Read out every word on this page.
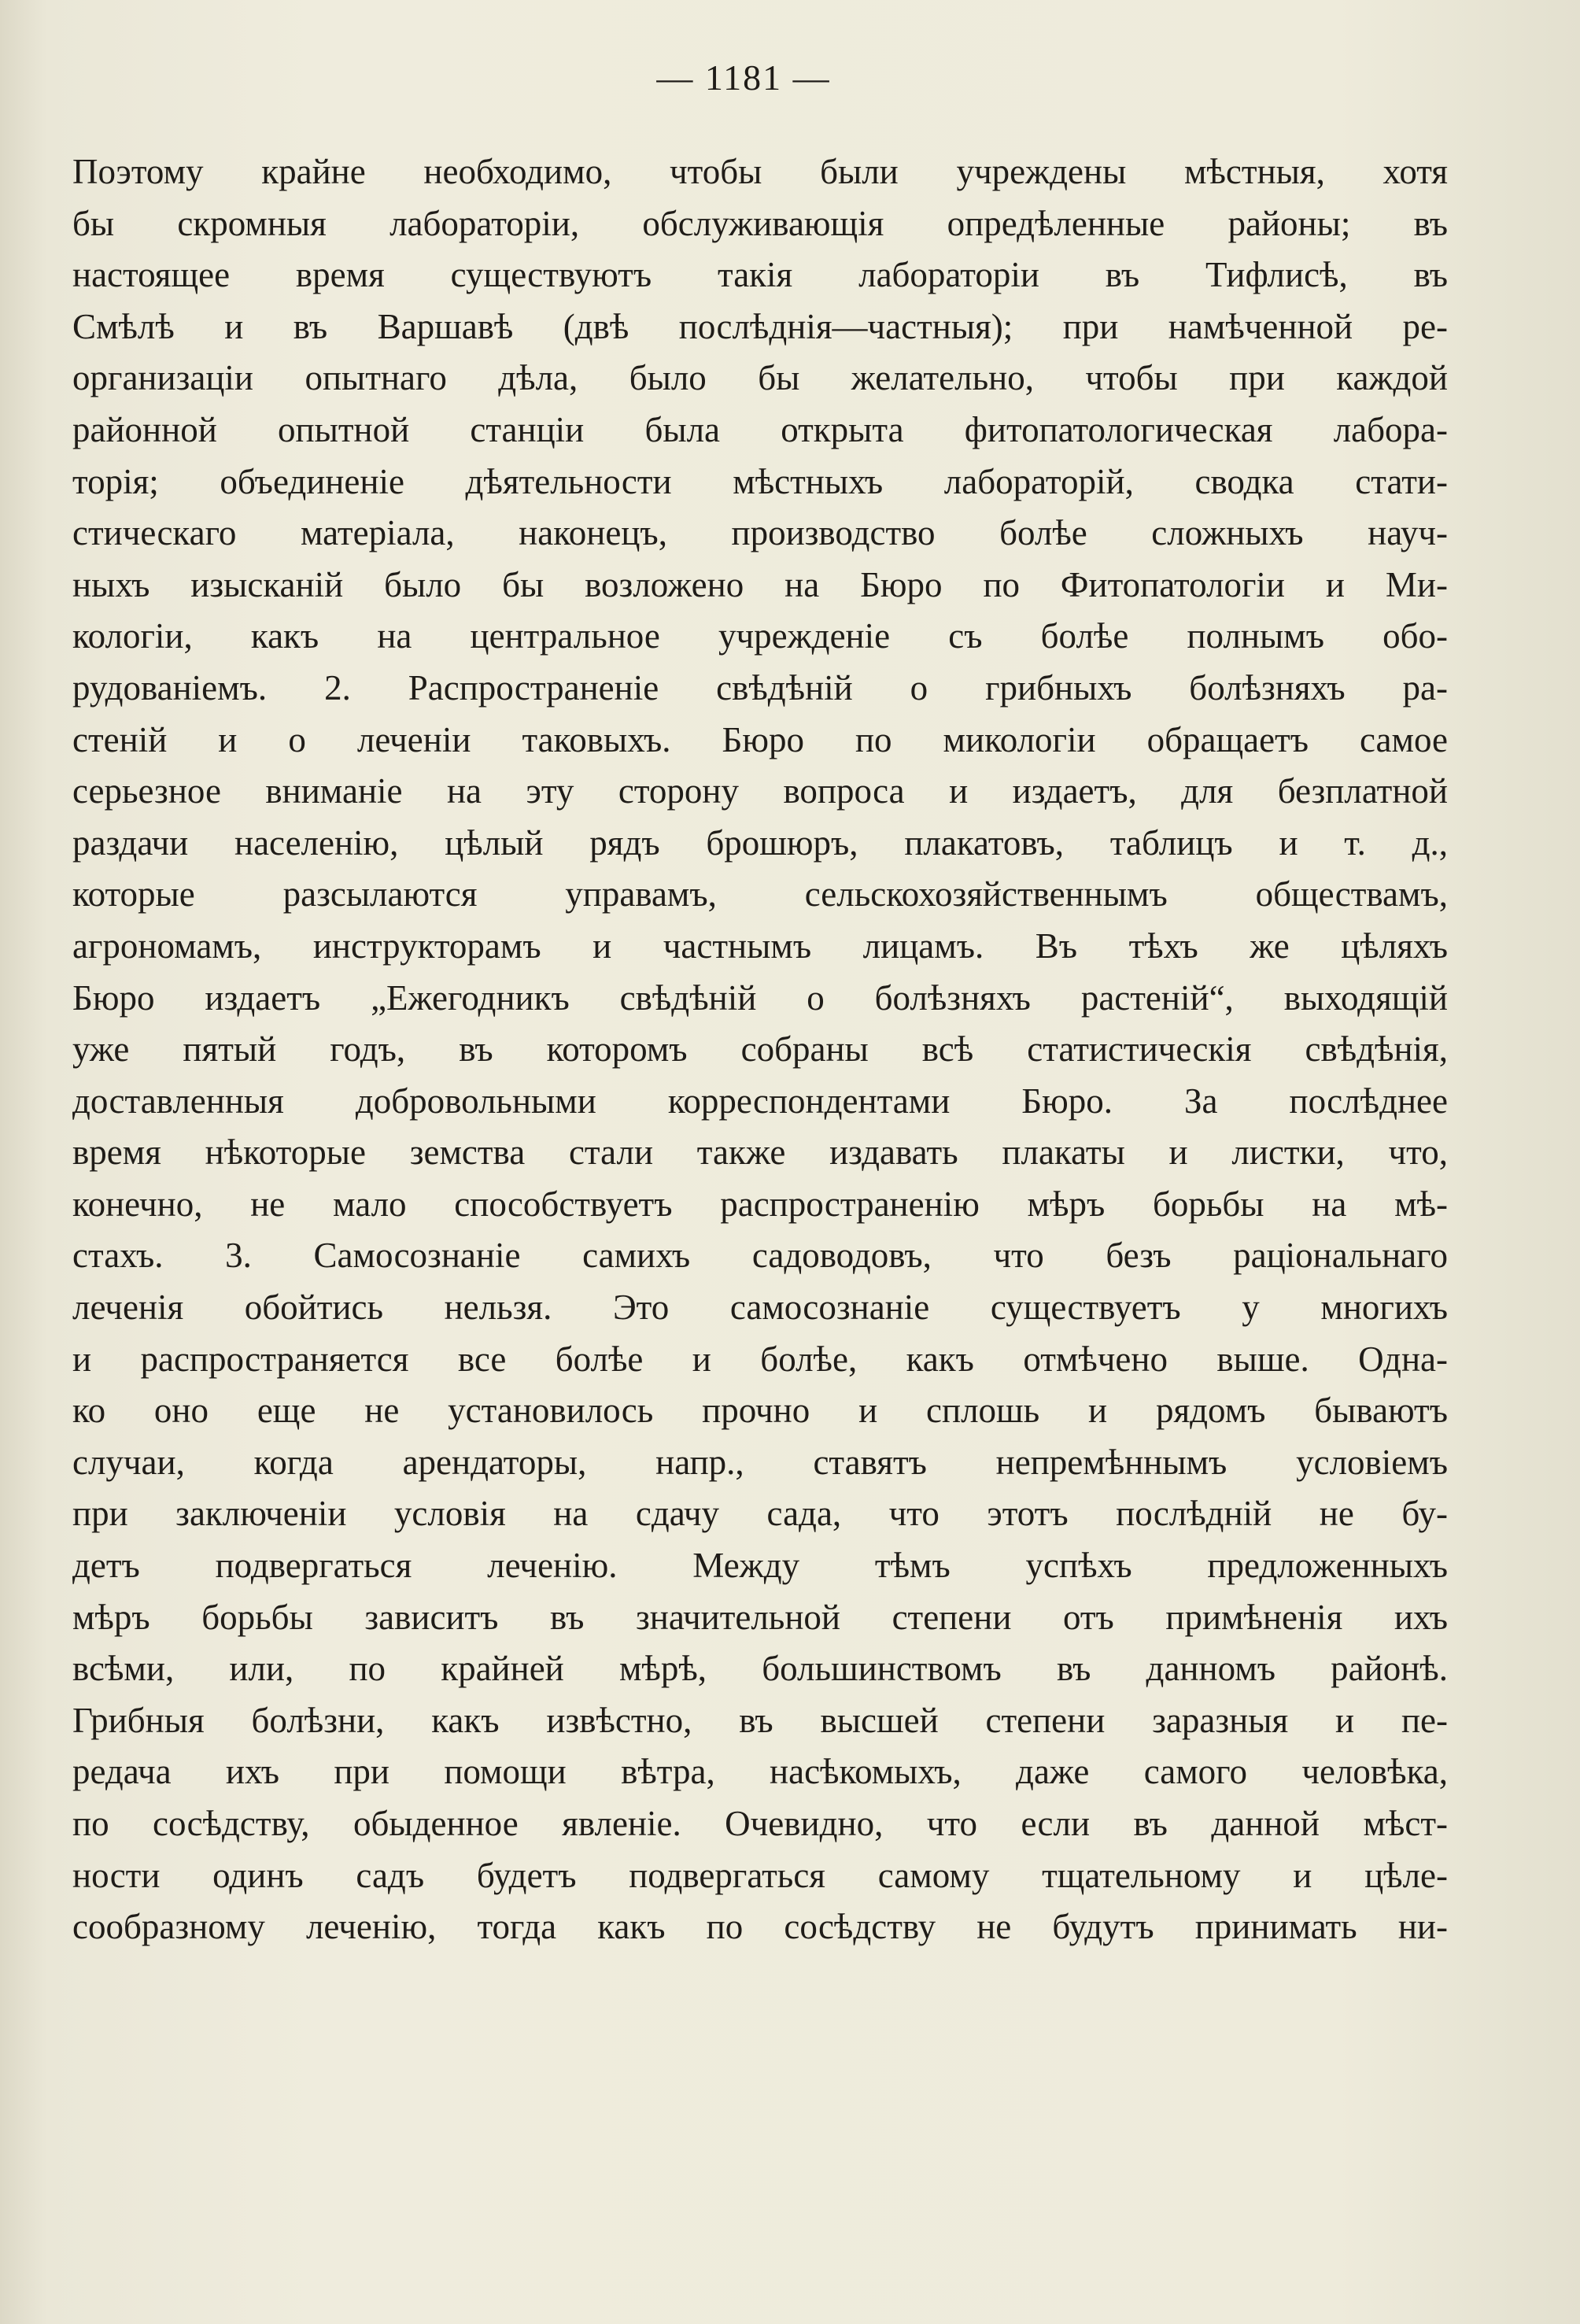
— 1181 —
Поэтому крайне необходимо, чтобы были учреждены мѣстныя, хотя
бы скромныя лабораторіи, обслуживающія опредѣленные районы; въ
настоящее время существуютъ такія лабораторіи въ Тифлисѣ, въ
Смѣлѣ и въ Варшавѣ (двѣ послѣднія—частныя); при намѣченной ре-
организаціи опытнаго дѣла, было бы желательно, чтобы при каждой
районной опытной станціи была открыта фитопатологическая лабора-
торія; объединеніе дѣятельности мѣстныхъ лабораторій, сводка стати-
стическаго матеріала, наконецъ, производство болѣе сложныхъ науч-
ныхъ изысканій было бы возложено на Бюро по Фитопатологіи и Ми-
кологіи, какъ на центральное учрежденіе съ болѣе полнымъ обо-
рудованіемъ. 2. Распространеніе свѣдѣній о грибныхъ болѣзняхъ ра-
стеній и о леченіи таковыхъ. Бюро по микологіи обращаетъ самое
серьезное вниманіе на эту сторону вопроса и издаетъ, для безплатной
раздачи населенію, цѣлый рядъ брошюръ, плакатовъ, таблицъ и т. д.,
которые разсылаются управамъ, сельскохозяйственнымъ обществамъ,
агрономамъ, инструкторамъ и частнымъ лицамъ. Въ тѣхъ же цѣляхъ
Бюро издаетъ „Ежегодникъ свѣдѣній о болѣзняхъ растеній“, выходящій
уже пятый годъ, въ которомъ собраны всѣ статистическія свѣдѣнія,
доставленныя добровольными корреспондентами Бюро. За послѣднее
время нѣкоторые земства стали также издавать плакаты и листки, что,
конечно, не мало способствуетъ распространенію мѣръ борьбы на мѣ-
стахъ. 3. Самосознаніе самихъ садоводовъ, что безъ раціональнаго
леченія обойтись нельзя. Это самосознаніе существуетъ у многихъ
и распространяется все болѣе и болѣе, какъ отмѣчено выше. Одна-
ко оно еще не установилось прочно и сплошь и рядомъ бываютъ
случаи, когда арендаторы, напр., ставятъ непремѣннымъ условіемъ
при заключеніи условія на сдачу сада, что этотъ послѣдній не бу-
детъ подвергаться леченію. Между тѣмъ успѣхъ предложенныхъ
мѣръ борьбы зависитъ въ значительной степени отъ примѣненія ихъ
всѣми, или, по крайней мѣрѣ, большинствомъ въ данномъ районѣ.
Грибныя болѣзни, какъ извѣстно, въ высшей степени заразныя и пе-
редача ихъ при помощи вѣтра, насѣкомыхъ, даже самого человѣка,
по сосѣдству, обыденное явленіе. Очевидно, что если въ данной мѣст-
ности одинъ садъ будетъ подвергаться самому тщательному и цѣле-
сообразному леченію, тогда какъ по сосѣдству не будутъ принимать ни-
